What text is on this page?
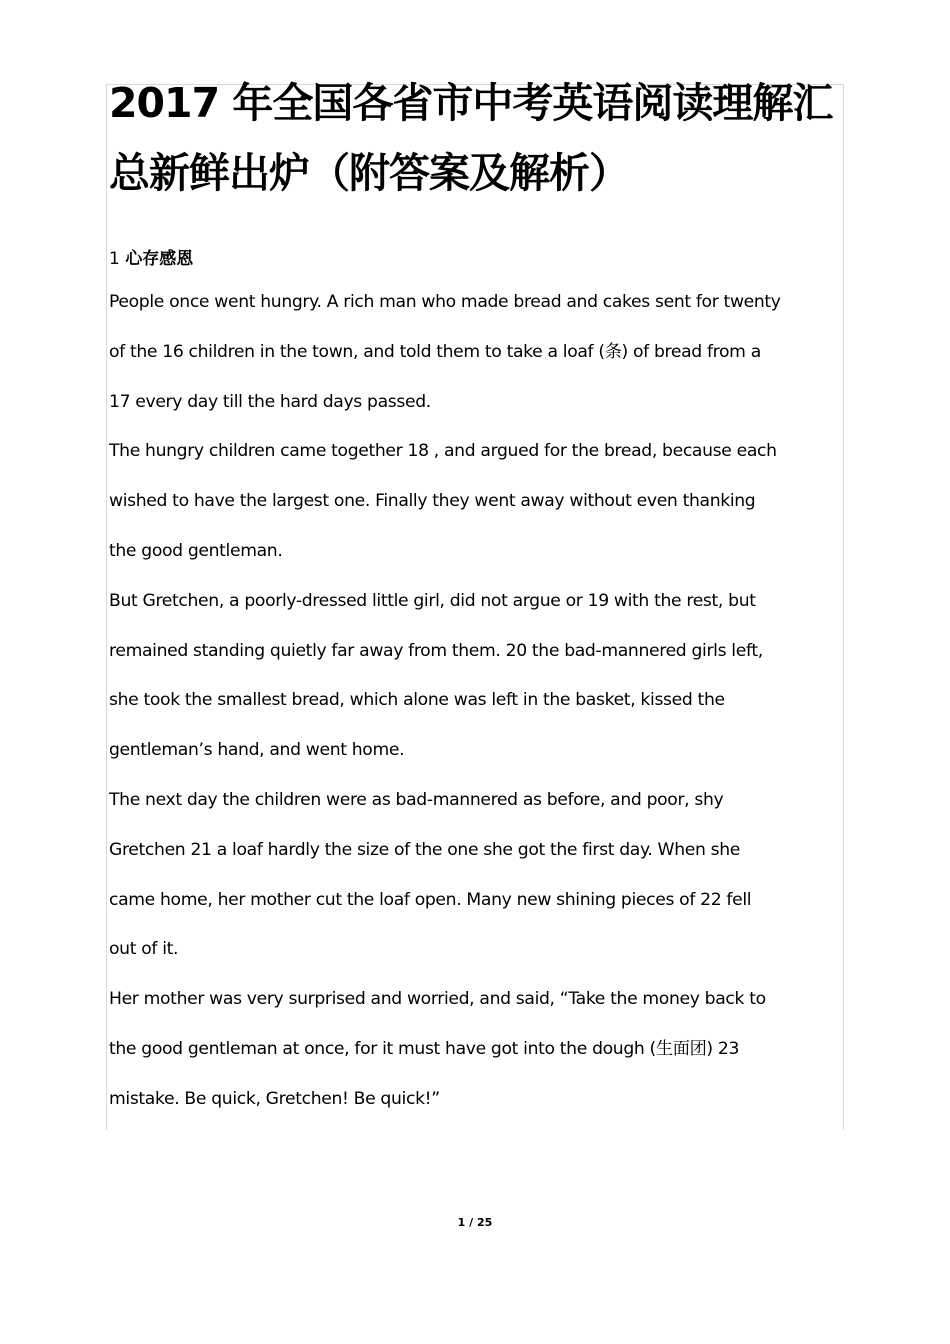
2017 年全国各省市中考英语阅读理解汇
总新鲜出炉（附答案及解析）
1 心存感恩

People once went hungry. A rich man who made bread and cakes sent for twenty
of the 16 children in the town, and told them to take a loaf (条) of bread from a
17 every day till the hard days passed.

The hungry children came together 18 , and argued for the bread, because each
wished to have the largest one. Finally they went away without even thanking
the good gentleman.

But Gretchen, a poorly-dressed little girl, did not argue or 19 with the rest, but
remained standing quietly far away from them. 20 the bad-mannered girls left,
she took the smallest bread, which alone was left in the basket, kissed the
gentleman’s hand, and went home.

The next day the children were as bad-mannered as before, and poor, shy
Gretchen 21 a loaf hardly the size of the one she got the first day. When she
came home, her mother cut the loaf open. Many new shining pieces of 22 fell
out of it.

Her mother was very surprised and worried, and said, “Take the money back to
the good gentleman at once, for it must have got into the dough (生面团) 23
mistake. Be quick, Gretchen! Be quick!”

1 / 25
